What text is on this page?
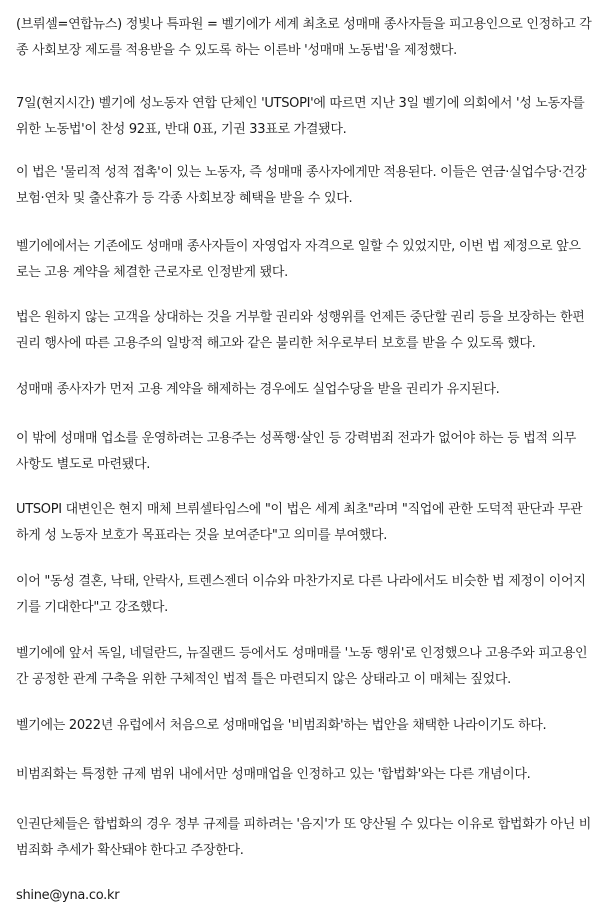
(브뤼셀=연합뉴스) 정빛나 특파원 = 벨기에가 세계 최초로 성매매 종사자들을 피고용인으로 인정하고 각종 사회보장 제도를 적용받을 수 있도록 하는 이른바 '성매매 노동법'을 제정했다.

7일(현지시간) 벨기에 성노동자 연합 단체인 'UTSOPI'에 따르면 지난 3일 벨기에 의회에서 '성 노동자를 위한 노동법'이 찬성 92표, 반대 0표, 기권 33표로 가결됐다.

이 법은 '물리적 성적 접촉'이 있는 노동자, 즉 성매매 종사자에게만 적용된다. 이들은 연금·실업수당·건강보험·연차 및 출산휴가 등 각종 사회보장 혜택을 받을 수 있다.

벨기에에서는 기존에도 성매매 종사자들이 자영업자 자격으로 일할 수 있었지만, 이번 법 제정으로 앞으로는 고용 계약을 체결한 근로자로 인정받게 됐다.

법은 원하지 않는 고객을 상대하는 것을 거부할 권리와 성행위를 언제든 중단할 권리 등을 보장하는 한편 권리 행사에 따른 고용주의 일방적 해고와 같은 불리한 처우로부터 보호를 받을 수 있도록 했다.

성매매 종사자가 먼저 고용 계약을 해제하는 경우에도 실업수당을 받을 권리가 유지된다.

이 밖에 성매매 업소를 운영하려는 고용주는 성폭행·살인 등 강력범죄 전과가 없어야 하는 등 법적 의무 사항도 별도로 마련됐다.

UTSOPI 대변인은 현지 매체 브뤼셀타임스에 "이 법은 세계 최초"라며 "직업에 관한 도덕적 판단과 무관하게 성 노동자 보호가 목표라는 것을 보여준다"고 의미를 부여했다.

이어 "동성 결혼, 낙태, 안락사, 트렌스젠더 이슈와 마찬가지로 다른 나라에서도 비슷한 법 제정이 이어지기를 기대한다"고 강조했다.

벨기에에 앞서 독일, 네덜란드, 뉴질랜드 등에서도 성매매를 '노동 행위'로 인정했으나 고용주와 피고용인 간 공정한 관계 구축을 위한 구체적인 법적 틀은 마련되지 않은 상태라고 이 매체는 짚었다.

벨기에는 2022년 유럽에서 처음으로 성매매업을 '비범죄화'하는 법안을 채택한 나라이기도 하다.

비범죄화는 특정한 규제 범위 내에서만 성매매업을 인정하고 있는 '합법화'와는 다른 개념이다.

인권단체들은 합법화의 경우 정부 규제를 피하려는 '음지'가 또 양산될 수 있다는 이유로 합법화가 아닌 비범죄화 추세가 확산돼야 한다고 주장한다.

shine@yna.co.kr
